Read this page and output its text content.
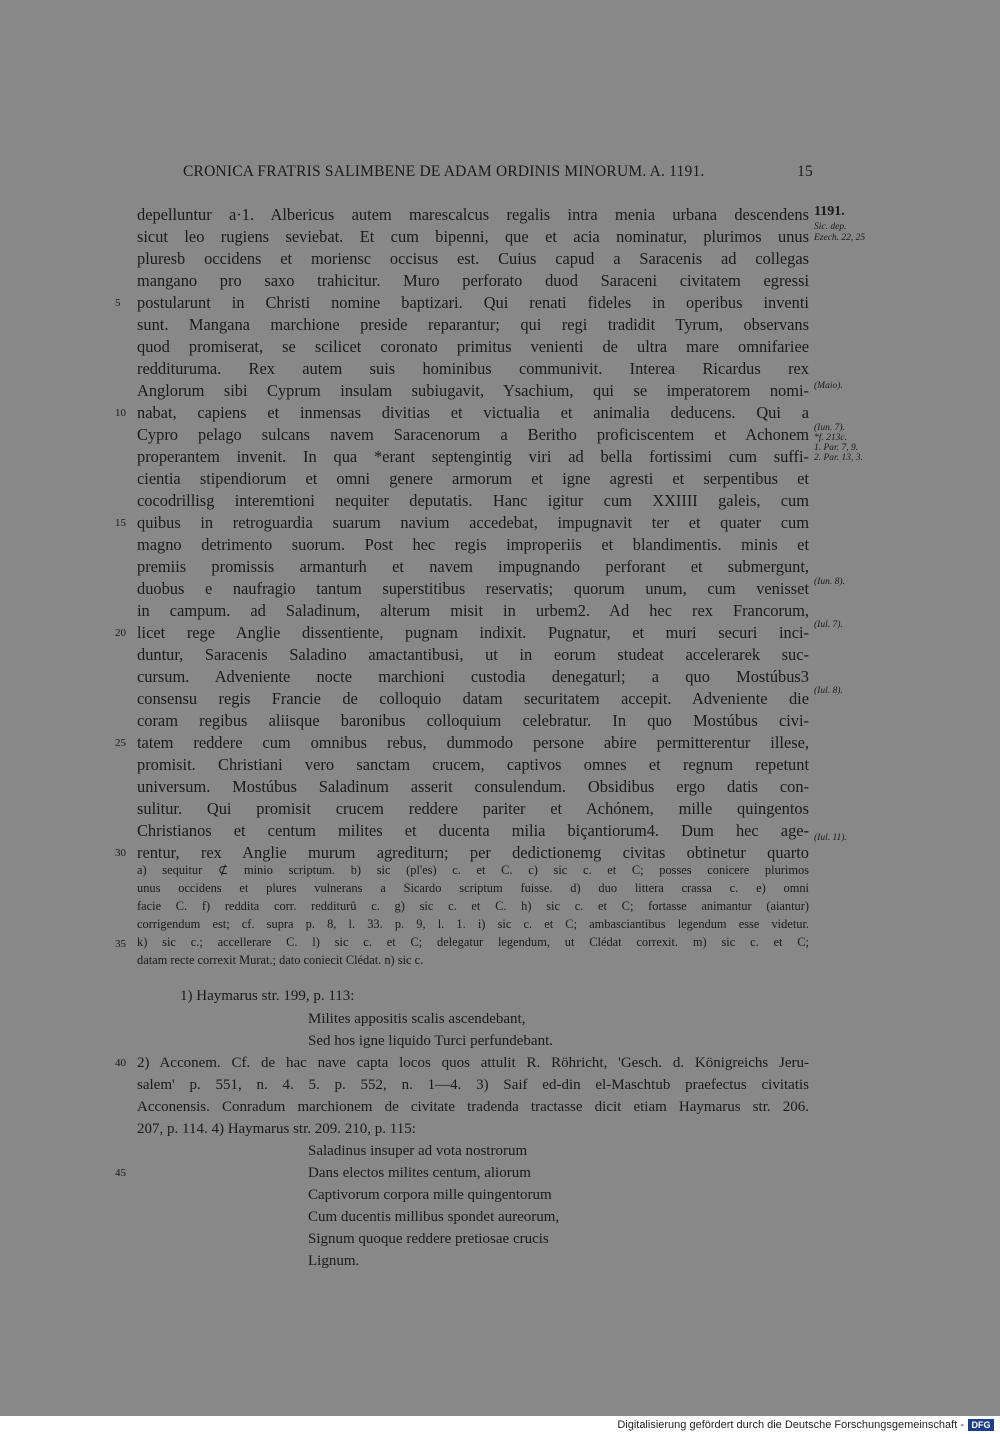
CRONICA FRATRIS SALIMBENE DE ADAM ORDINIS MINORUM. A. 1191.	15
depelluntur a·1. Albericus autem marescalcus regalis intra menia urbana descendens
sicut leo rugiens seviebat. Et cum bipenni, que et acia nominatur, plurimos unus
pluresb occidens et moriensc occisus est. Cuius capud a Saracenis ad collegas
mangano pro saxo trahicitur. Muro perforato duod Saraceni civitatem egressi
postularunt in Christi nomine baptizari. Qui renati fideles in operibus inventi
sunt. Mangana marchione preside reparantur; qui regi tradidit Tyrum, observans
quod promiserat, se scilicet coronato primitus venienti de ultra mare omnifariee
reddituruma. Rex autem suis hominibus communivit. Interea Ricardus rex
Anglorum sibi Cyprum insulam subiugavit, Ysachium, qui se imperatorem nomi-
nabat, capiens et inmensas divitias et victualia et animalia deducens. Qui a
Cypro pelago sulcans navem Saracenorum a Beritho proficiscentem et Achonem
properantem invenit. In qua *erant septengintig viri ad bella fortissimi cum suffi-
cientia stipendiorum et omni genere armorum et igne agresti et serpentibus et
cocodrillisg interemtioni nequiter deputatis. Hanc igitur cum XXIIII galeis, cum
quibus in retroguardia suarum navium accedebat, impugnavit ter et quater cum
magno detrimento suorum. Post hec regis improperiis et blandimentis. minis et
premiis promissis armanturh et navem impugnando perforant et submergunt,
duobus e naufragio tantum superstitibus reservatis; quorum unum, cum venisset
in campum. ad Saladinum, alterum misit in urbem2. Ad hec rex Francorum,
licet rege Anglie dissentiente, pugnam indixit. Pugnatur, et muri securi inci-
duntur, Saracenis Saladino amactantibusi, ut in eorum studeat accelerarek suc-
cursum. Adveniente nocte marchioni custodia denegaturl; a quo Mostúbus3
consensu regis Francie de colloquio datam securitatem accepit. Adveniente die
coram regibus aliisque baronibus colloquium celebratur. In quo Mostúbus civi-
tatem reddere cum omnibus rebus, dummodo persone abire permitterentur illese,
promisit. Christiani vero sanctam crucem, captivos omnes et regnum repetunt
universum. Mostúbus Saladinum asserit consulendum. Obsidibus ergo datis con-
sulitur. Qui promisit crucem reddere pariter et Achónem, mille quingentos
Christianos et centum milites et ducenta milia biçantiorum4. Dum hec age-
rentur, rex Anglie murum agrediturn; per dedictionemg civitas obtinetur quarto
5
10
15
20
25
30
1191.
Sic. dep.
Ezech. 22, 25
(Maio).
(Iun. 7).
*f. 213c.
1. Par. 7, 9.
2. Par. 13, 3.
(Iun. 8).
(Iul. 7).
(Iul. 8).
(Iul. 11).
a) sequitur ⊄ minio scriptum. b) sic (pl'es) c. et C. c) sic c. et C; posses conicere plurimos
unus occidens et plures vulnerans a Sicardo scriptum fuisse. d) duo littera crassa c. e) omni
facie C. f) reddita corr. redditurû c. g) sic c. et C. h) sic c. et C; fortasse animantur (aiantur)
corrigendum est; cf. supra p. 8, l. 33. p. 9, l. 1. i) sic c. et C; ambasciantibus legendum esse videtur.
k) sic c.; accellerare C. l) sic c. et C; delegatur legendum, ut Clédat correxit. m) sic c. et C;
datam recte correxit Murat.; dato coniecit Clédat. n) sic c.
35
1) Haymarus str. 199, p. 113:
Milites appositis scalis ascendebant,
Sed hos igne liquido Turci perfundebant.
2) Acconem. Cf. de hac nave capta locos quos attulit R. Röhricht, 'Gesch. d. Königreichs Jeru-
salem' p. 551, n. 4. 5. p. 552, n. 1—4. 3) Saif ed-din el-Maschtub praefectus civitatis
Acconensis. Conradum marchionem de civitate tradenda tractasse dicit etiam Haymarus str. 206.
207, p. 114. 4) Haymarus str. 209. 210, p. 115:
Saladinus insuper ad vota nostrorum
Dans electos milites centum, aliorum
Captivorum corpora mille quingentorum
Cum ducentis millibus spondet aureorum,
Signum quoque reddere pretiosae crucis
Lignum.
40
45
Digitalisierung gefördert durch die Deutsche Forschungsgemeinschaft - DFG
